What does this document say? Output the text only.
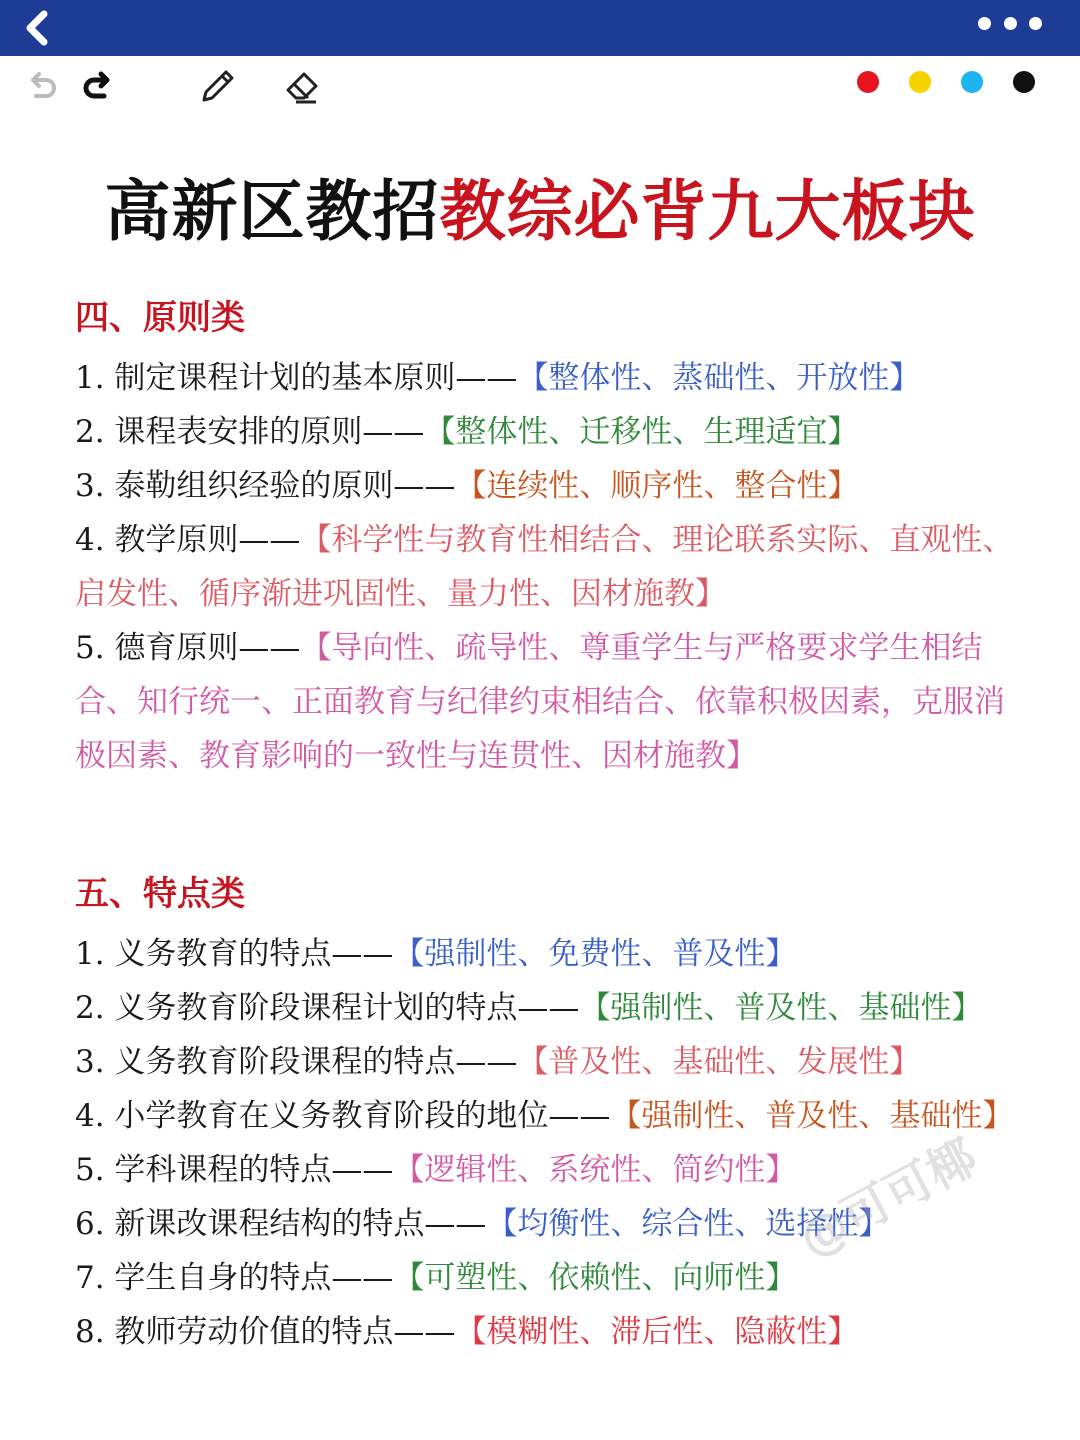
高新区教招教综必背九大板块
四、原则类
1. 制定课程计划的基本原则——【整体性、蒸础性、开放性】
2. 课程表安排的原则——【整体性、迁移性、生理适宜】
3. 泰勒组织经验的原则——【连续性、顺序性、整合性】
4. 教学原则——【科学性与教育性相结合、理论联系实际、直观性、启发性、循序渐进巩固性、量力性、因材施教】
5. 德育原则——【导向性、疏导性、尊重学生与严格要求学生相结合、知行统一、正面教育与纪律约束相结合、依靠积极因素，克服消极因素、教育影响的一致性与连贯性、因材施教】
五、特点类
1. 义务教育的特点——【强制性、免费性、普及性】
2. 义务教育阶段课程计划的特点——【强制性、普及性、基础性】
3. 义务教育阶段课程的特点——【普及性、基础性、发展性】
4. 小学教育在义务教育阶段的地位——【强制性、普及性、基础性】
5. 学科课程的特点——【逻辑性、系统性、简约性】
6. 新课改课程结构的特点——【均衡性、综合性、选择性】
7. 学生自身的特点——【可塑性、依赖性、向师性】
8. 教师劳动价值的特点——【模糊性、滞后性、隐蔽性】
@可可椰
